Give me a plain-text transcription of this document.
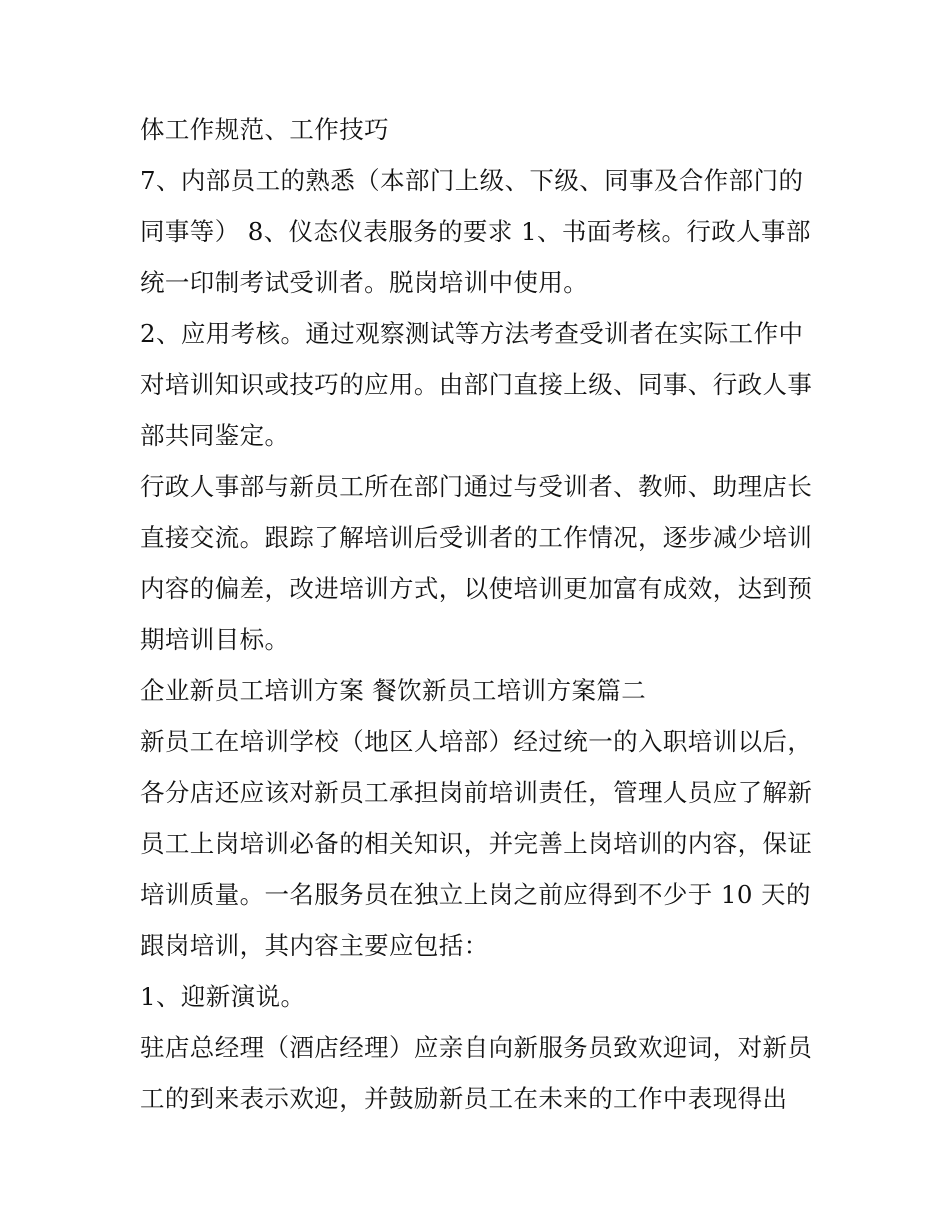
体工作规范、工作技巧
7、内部员工的熟悉（本部门上级、下级、同事及合作部门的
同事等） 8、仪态仪表服务的要求 1、书面考核。行政人事部
统一印制考试受训者。脱岗培训中使用。
2、应用考核。通过观察测试等方法考查受训者在实际工作中
对培训知识或技巧的应用。由部门直接上级、同事、行政人事
部共同鉴定。
行政人事部与新员工所在部门通过与受训者、教师、助理店长
直接交流。跟踪了解培训后受训者的工作情况，逐步减少培训
内容的偏差，改进培训方式，以使培训更加富有成效，达到预
期培训目标。
企业新员工培训方案 餐饮新员工培训方案篇二
新员工在培训学校（地区人培部）经过统一的入职培训以后，
各分店还应该对新员工承担岗前培训责任，管理人员应了解新
员工上岗培训必备的相关知识，并完善上岗培训的内容，保证
培训质量。一名服务员在独立上岗之前应得到不少于 10 天的
跟岗培训，其内容主要应包括：
1、迎新演说。
驻店总经理（酒店经理）应亲自向新服务员致欢迎词，对新员
工的到来表示欢迎，并鼓励新员工在未来的工作中表现得出
